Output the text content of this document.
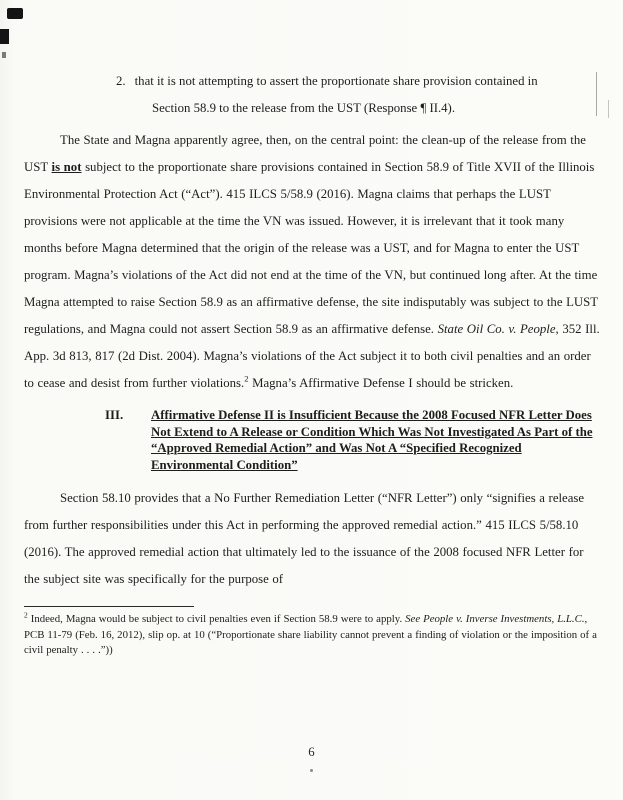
2. that it is not attempting to assert the proportionate share provision contained in
Section 58.9 to the release from the UST (Response ¶ II.4).

The State and Magna apparently agree, then, on the central point: the clean-up of the release from the UST is not subject to the proportionate share provisions contained in Section 58.9 of Title XVII of the Illinois Environmental Protection Act (“Act”). 415 ILCS 5/58.9 (2016). Magna claims that perhaps the LUST provisions were not applicable at the time the VN was issued. However, it is irrelevant that it took many months before Magna determined that the origin of the release was a UST, and for Magna to enter the UST program. Magna’s violations of the Act did not end at the time of the VN, but continued long after. At the time Magna attempted to raise Section 58.9 as an affirmative defense, the site indisputably was subject to the LUST regulations, and Magna could not assert Section 58.9 as an affirmative defense. State Oil Co. v. People, 352 Ill. App. 3d 813, 817 (2d Dist. 2004). Magna’s violations of the Act subject it to both civil penalties and an order to cease and desist from further violations.$^2$ Magna’s Affirmative Defense I should be stricken.

III.	Affirmative Defense II is Insufficient Because the 2008 Focused NFR Letter Does Not Extend to A Release or Condition Which Was Not Investigated As Part of the “Approved Remedial Action” and Was Not A “Specified Recognized Environmental Condition”

Section 58.10 provides that a No Further Remediation Letter (“NFR Letter”) only “signifies a release from further responsibilities under this Act in performing the approved remedial action.” 415 ILCS 5/58.10 (2016). The approved remedial action that ultimately led to the issuance of the 2008 focused NFR Letter for the subject site was specifically for the purpose of

$^2$ Indeed, Magna would be subject to civil penalties even if Section 58.9 were to apply. See People v. Inverse Investments, L.L.C., PCB 11-79 (Feb. 16, 2012), slip op. at 10 (“Proportionate share liability cannot prevent a finding of violation or the imposition of a civil penalty . . . .”))
6
